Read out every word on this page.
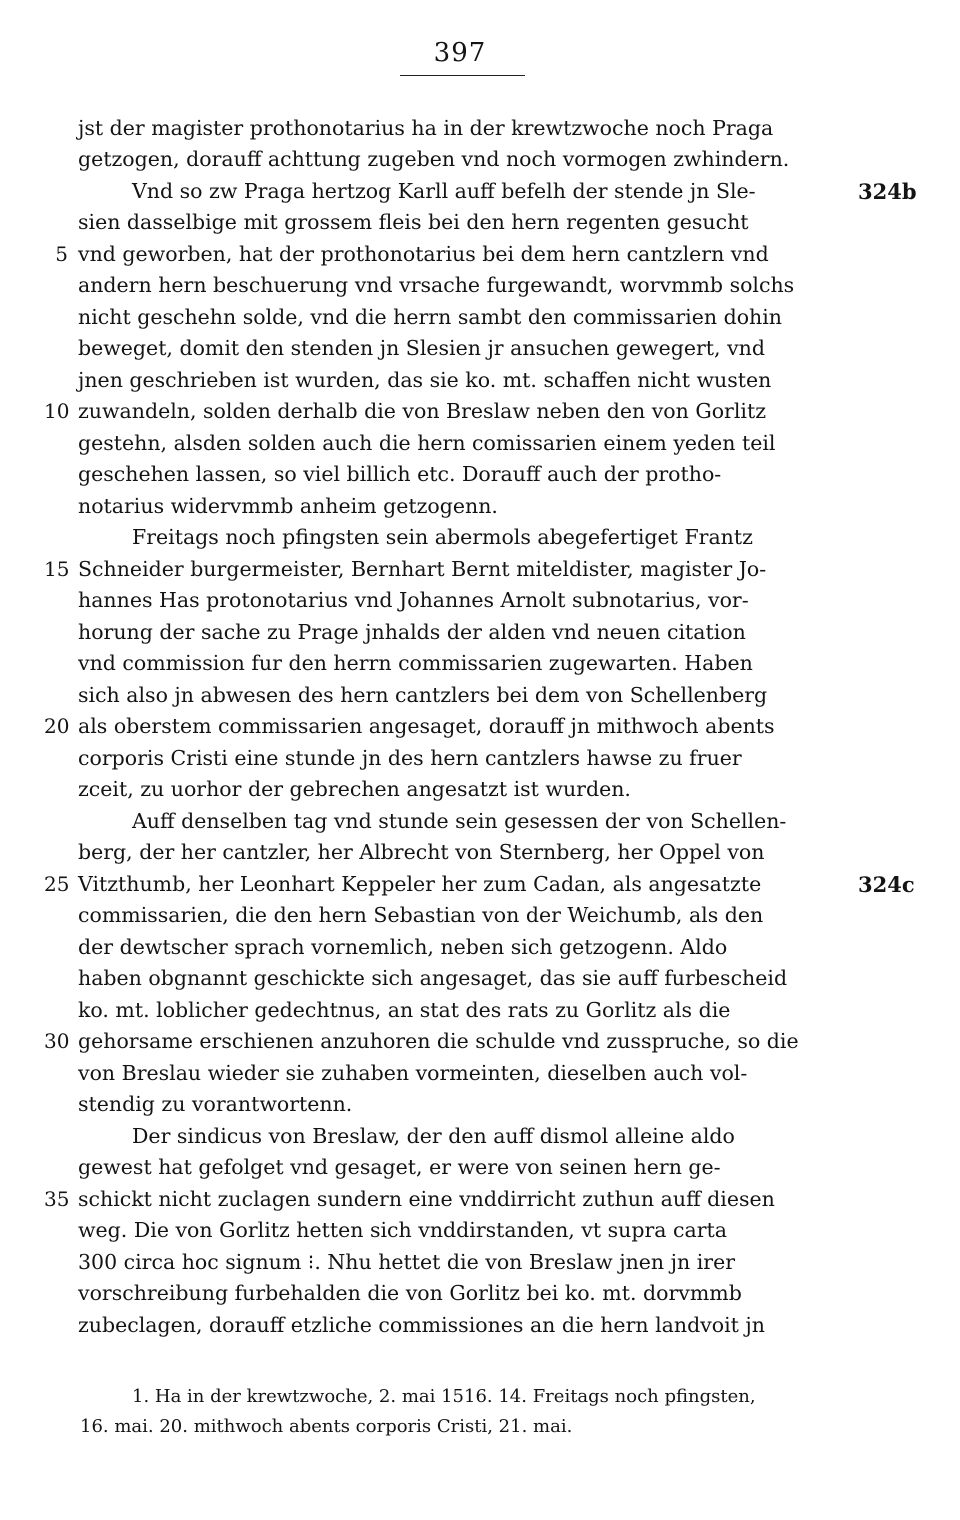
397
jst der magister prothonotarius ha in der krewtzwoche noch Praga
getzogen, dorauff achttung zugeben vnd noch vormogen zwhindern.
Vnd so zw Praga hertzog Karll auff befelh der stende jn Sle-
sien dasselbige mit grossem fleis bei den hern regenten gesucht
vnd geworben, hat der prothonotarius bei dem hern cantzlern vnd
andern hern beschuerung vnd vrsache furgewandt, worvmmb solchs
nicht geschehn solde, vnd die herrn sambt den commissarien dohin
beweget, domit den stenden jn Slesien jr ansuchen gewegert, vnd
jnen geschrieben ist wurden, das sie ko. mt. schaffen nicht wusten
zuwandeln, solden derhalb die von Breslaw neben den von Gorlitz
gestehn, alsden solden auch die hern comissarien einem yeden teil
geschehen lassen, so viel billich etc. Dorauff auch der protho-
notarius widervmmb anheim getzogenn.
Freitags noch pfingsten sein abermols abegefertiget Frantz
Schneider burgermeister, Bernhart Bernt miteldister, magister Jo-
hannes Has protonotarius vnd Johannes Arnolt subnotarius, vor-
horung der sache zu Prage jnhalds der alden vnd neuen citation
vnd commission fur den herrn commissarien zugewarten. Haben
sich also jn abwesen des hern cantzlers bei dem von Schellenberg
als oberstem commissarien angesaget, dorauff jn mithwoch abents
corporis Cristi eine stunde jn des hern cantzlers hawse zu fruer
zceit, zu uorhor der gebrechen angesatzt ist wurden.
Auff denselben tag vnd stunde sein gesessen der von Schellen-
berg, der her cantzler, her Albrecht von Sternberg, her Oppel von
Vitzthumb, her Leonhart Keppeler her zum Cadan, als angesatzte
commissarien, die den hern Sebastian von der Weichumb, als den
der dewtscher sprach vornemlich, neben sich getzogenn. Aldo
haben obgnannt geschickte sich angesaget, das sie auff furbescheid
ko. mt. loblicher gedechtnus, an stat des rats zu Gorlitz als die
gehorsame erschienen anzuhoren die schulde vnd zusspruche, so die
von Breslau wieder sie zuhaben vormeinten, dieselben auch vol-
stendig zu vorantwortenn.
Der sindicus von Breslaw, der den auff dismol alleine aldo
gewest hat gefolget vnd gesaget, er were von seinen hern ge-
schickt nicht zuclagen sundern eine vnddirricht zuthun auff diesen
weg. Die von Gorlitz hetten sich vnddirstanden, vt supra carta
300 circa hoc signum ⁝. Nhu hettet die von Breslaw jnen jn irer
vorschreibung furbehalden die von Gorlitz bei ko. mt. dorvmmb
zubeclagen, dorauff etzliche commissiones an die hern landvoit jn
5
10
15
20
25
30
35
324b
324c
1. Ha in der krewtzwoche, 2. mai 1516. 14. Freitags noch pfingsten,
16. mai. 20. mithwoch abents corporis Cristi, 21. mai.
